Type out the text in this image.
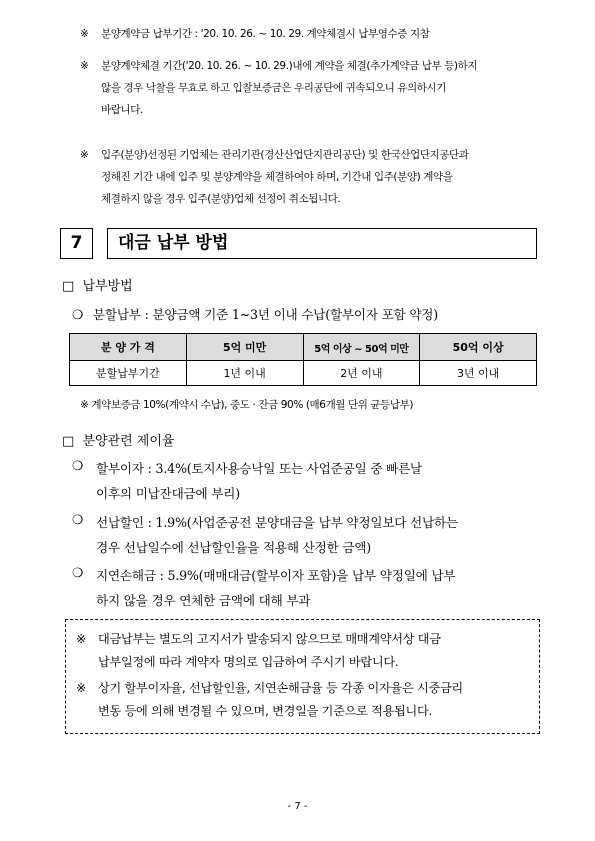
※ 분양계약금 납부기간 : '20. 10. 26. ~ 10. 29. 계약체결시 납부영수증 지참
※ 분양계약체결 기간('20. 10. 26. ~ 10. 29.)내에 계약을 체결(추가계약금 납부 등)하지
않을 경우 낙찰을 무효로 하고 입찰보증금은 우리공단에 귀속되오니 유의하시기
바랍니다.
※ 입주(분양)선정된 기업체는 관리기관(경산산업단지관리공단) 및 한국산업단지공단과
정해진 기간 내에 입주 및 분양계약을 체결하여야 하며, 기간내 입주(분양) 계약을
체결하지 않을 경우 입주(분양)업체 선정이 취소됩니다.
7	대금 납부 방법
□ 납부방법
❍ 분할납부 : 분양금액 기준 1~3년 이내 수납(할부이자 포함 약정)
분 양 가 격	5억 미만	5억 이상 ~ 50억 미만	50억 이상
분할납부기간	1년 이내	2년 이내	3년 이내
※ 계약보증금 10%(계약시 수납), 중도 · 잔금 90% (매6개월 단위 균등납부)
□ 분양관련 제이율
❍ 할부이자 : 3.4%(토지사용승낙일 또는 사업준공일 중 빠른날
이후의 미납잔대금에 부리)
❍ 선납할인 : 1.9%(사업준공전 분양대금을 납부 약정일보다 선납하는
경우 선납일수에 선납할인율을 적용해 산정한 금액)
❍ 지연손해금 : 5.9%(매매대금(할부이자 포함)을 납부 약정일에 납부
하지 않을 경우 연체한 금액에 대해 부과
※ 대금납부는 별도의 고지서가 발송되지 않으므로 매매계약서상 대금
납부일정에 따라 계약자 명의로 입금하여 주시기 바랍니다.
※ 상기 할부이자율, 선납할인율, 지연손해금율 등 각종 이자율은 시중금리
변동 등에 의해 변경될 수 있으며, 변경일을 기준으로 적용됩니다.
- 7 -
